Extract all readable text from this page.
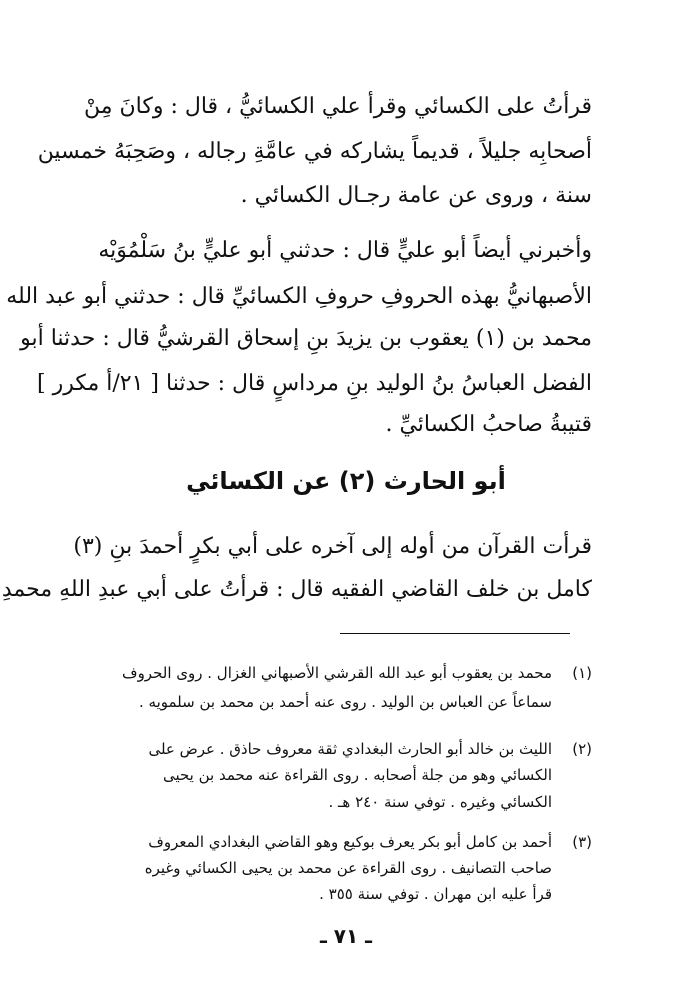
قرأتُ على الكسائي وقرأ علي الكسائيُّ ، قال : وكانَ مِنْ
أصحابِه جليلاً ، قديماً يشاركه في عامَّةِ رجاله ، وصَحِبَهُ خمسين
سنة ، وروى عن عامة رجـال الكسائي .
وأخبرني أيضاً أبو عليٍّ قال : حدثني أبو عليٍّ بنُ سَلْمُوَيْه
الأصبهانيُّ بهذه الحروفِ حروفِ الكسائيِّ قال : حدثني أبو عبد الله
محمد بن (١) يعقوب بن يزيدَ بنِ إسحاق القرشيُّ قال : حدثنا أبو
الفضل العباسُ بنُ الوليد بنِ مرداسٍ قال : حدثنا [ ٢١/أ مكرر ]
قتيبةُ صاحبُ الكسائيِّ .
أبو الحارث (٢) عن الكسائي
قرأت القرآن من أوله إلى آخره على أبي بكرٍ أحمدَ بنِ (٣)
كامل بن خلف القاضي الفقيه قال : قرأتُ على أبي عبدِ اللهِ محمدِ
(١)
محمد بن يعقوب أبو عبد الله القرشي الأصبهاني الغزال . روى الحروف
سماعاً عن العباس بن الوليد . روى عنه أحمد بن محمد بن سلمويه .
(٢)
الليث بن خالد أبو الحارث البغدادي ثقة معروف حاذق . عرض على
الكسائي وهو من جلة أصحابه . روى القراءة عنه محمد بن يحيى
الكسائي وغيره . توفي سنة ٢٤٠ هـ .
(٣)
أحمد بن كامل أبو بكر يعرف بوكيع وهو القاضي البغدادي المعروف
صاحب التصانيف . روى القراءة عن محمد بن يحيى الكسائي وغيره
قرأ عليه ابن مهران . توفي سنة ٣٥٥ .
ـ ٧١ ـ
